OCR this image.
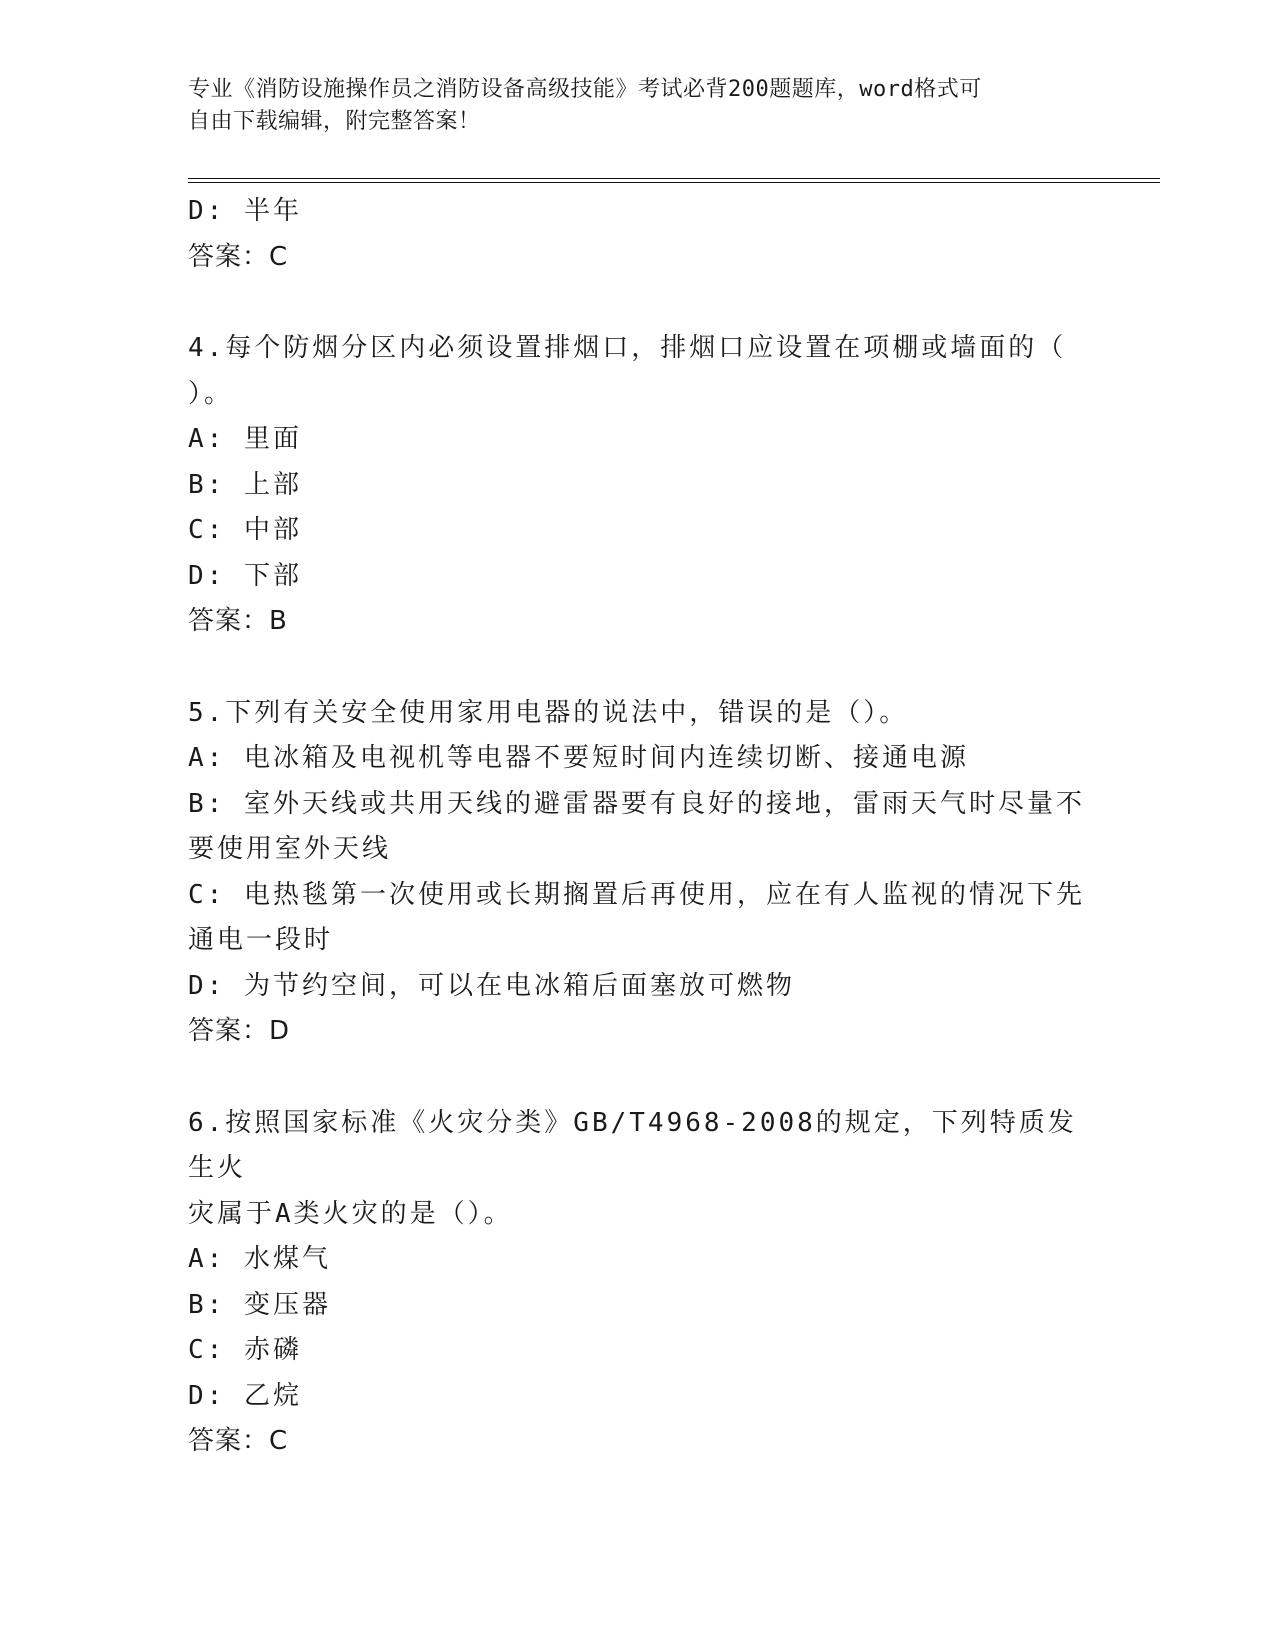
专业《消防设施操作员之消防设备高级技能》考试必背200题题库，word格式可
自由下载编辑，附完整答案！
D: 半年
答案：C
4.每个防烟分区内必须设置排烟口，排烟口应设置在项棚或墙面的（
）。
A: 里面
B: 上部
C: 中部
D: 下部
答案：B
5.下列有关安全使用家用电器的说法中，错误的是（）。
A: 电冰箱及电视机等电器不要短时间内连续切断、接通电源
B: 室外天线或共用天线的避雷器要有良好的接地，雷雨天气时尽量不
要使用室外天线
C: 电热毯第一次使用或长期搁置后再使用，应在有人监视的情况下先
通电一段时
D: 为节约空间，可以在电冰箱后面塞放可燃物
答案：D
6.按照国家标准《火灾分类》GB/T4968-2008的规定，下列特质发生火
灾属于A类火灾的是（）。
A: 水煤气
B: 变压器
C: 赤磷
D: 乙烷
答案：C
